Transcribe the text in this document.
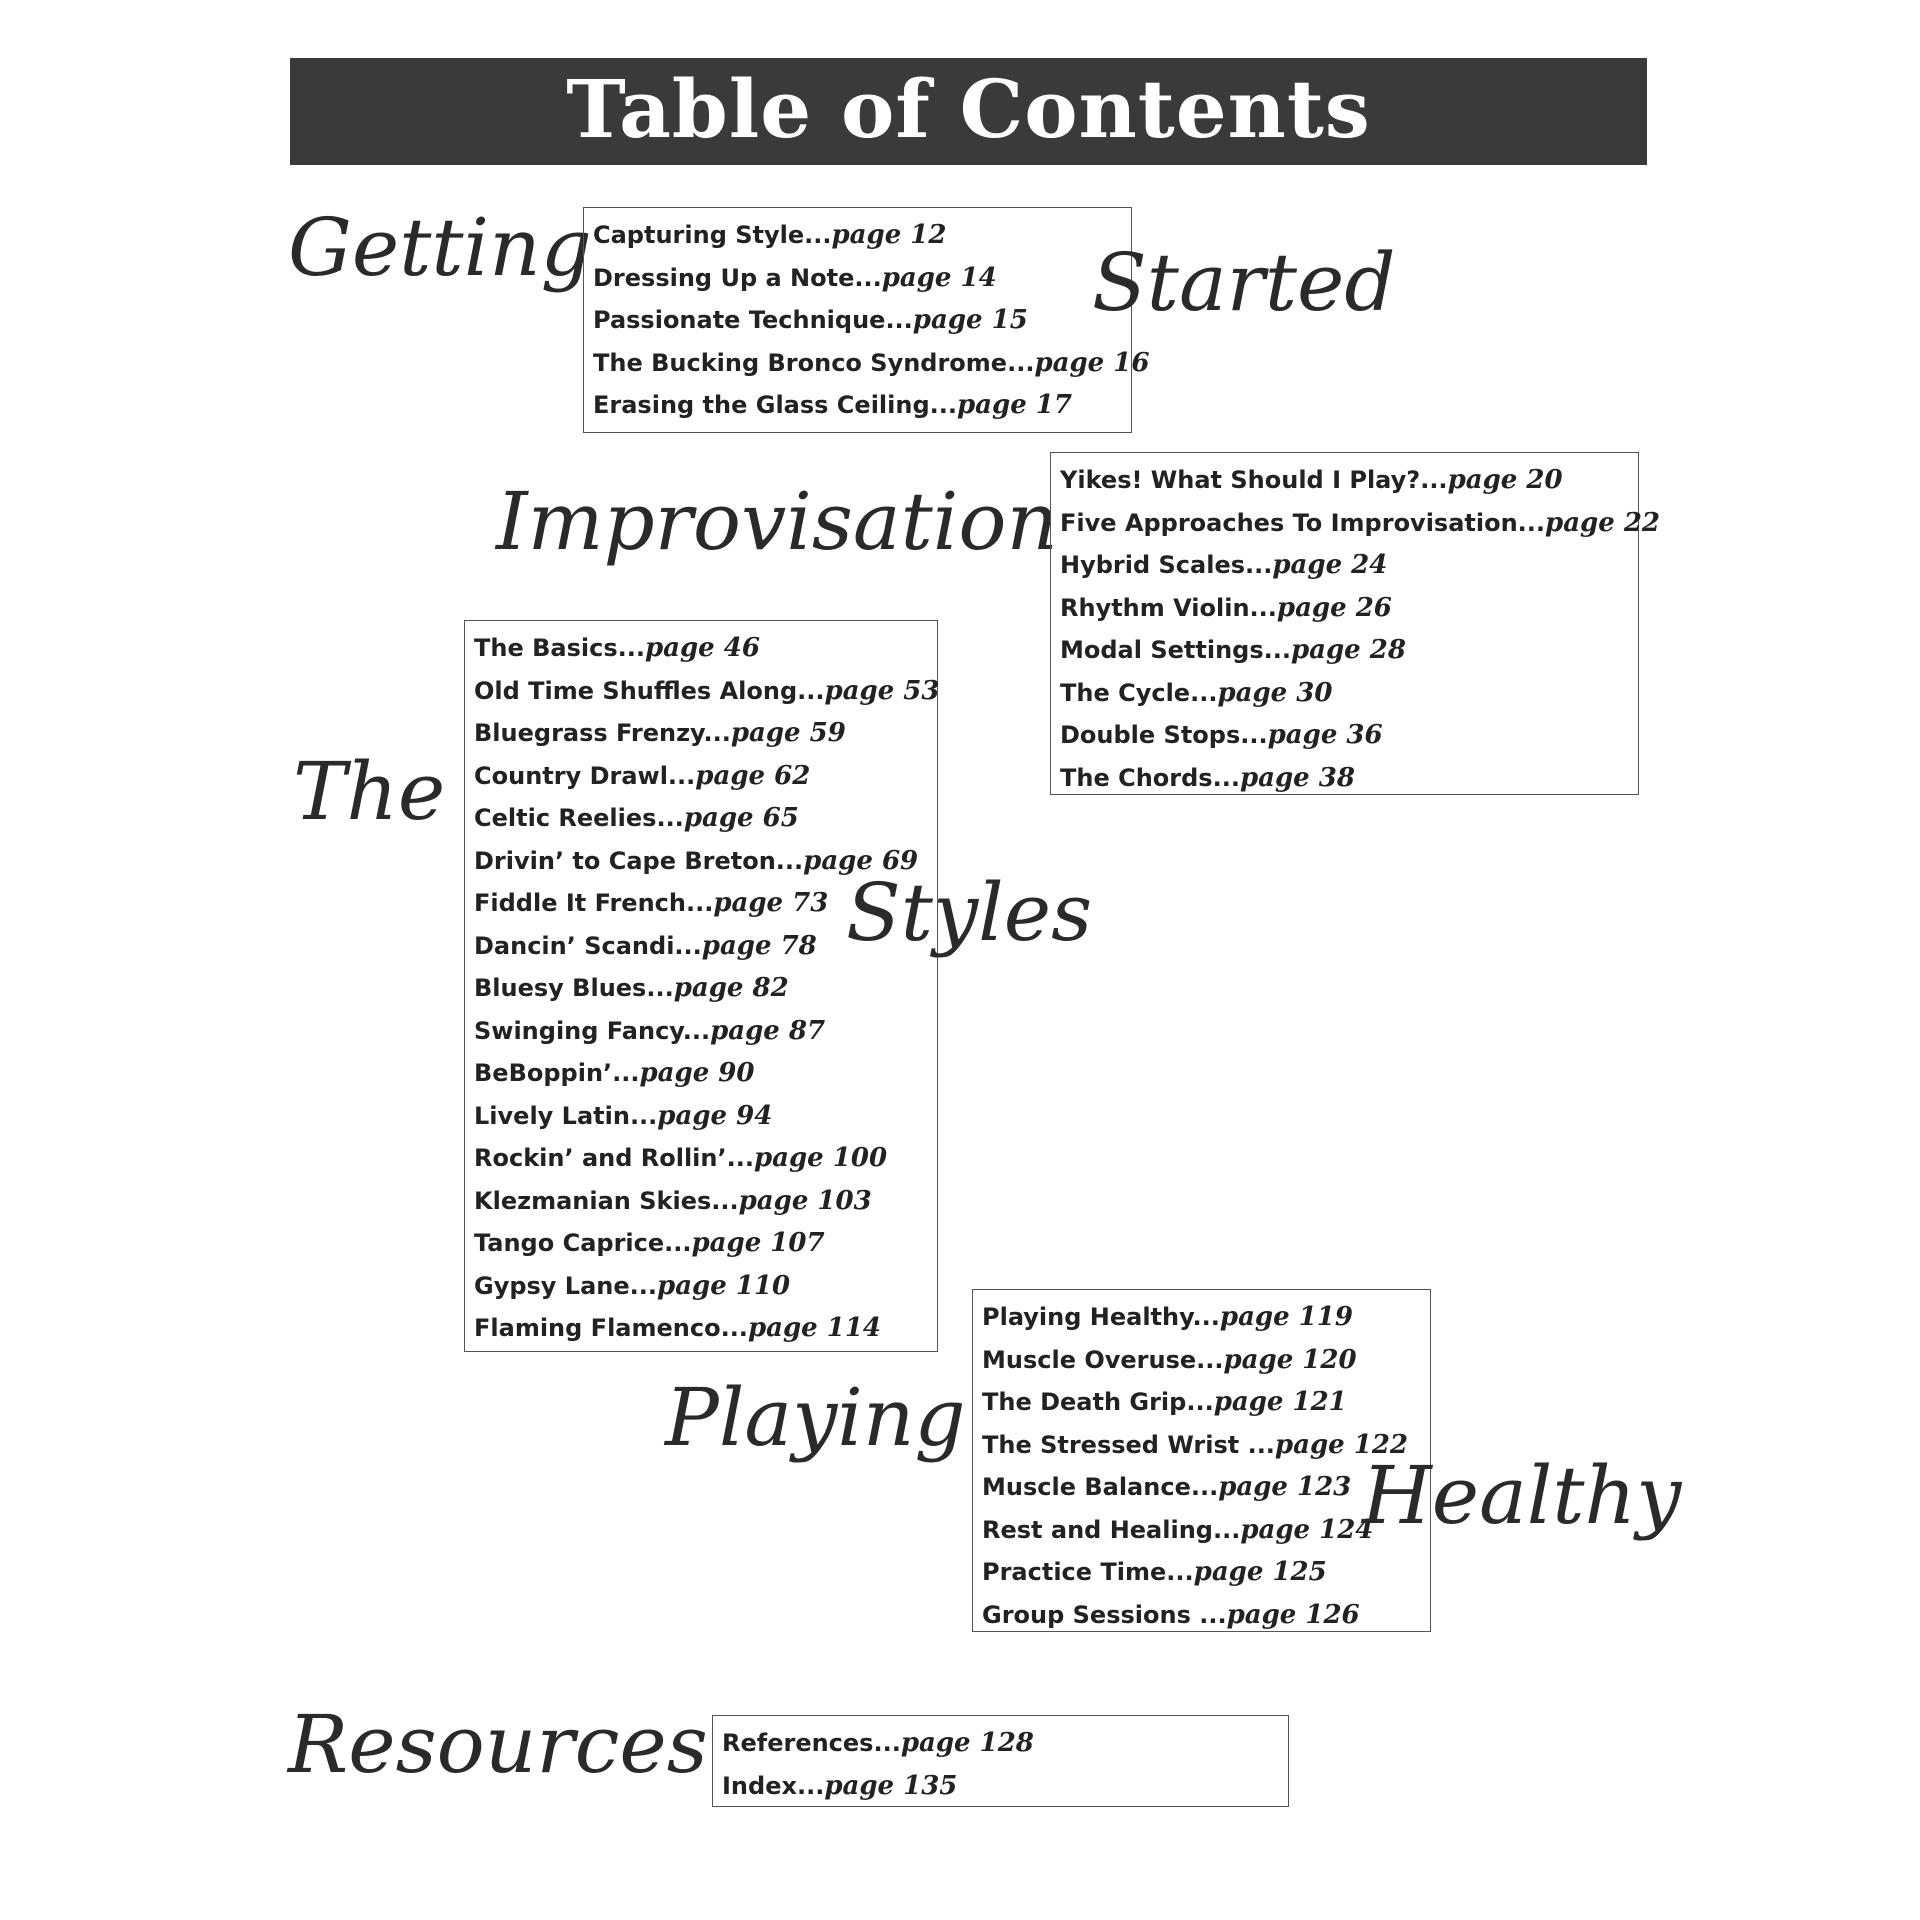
Table of Contents
Getting Capturing Style...page 12
Dressing Up a Note...page 14
Passionate Technique...page 15
The Bucking Bronco Syndrome...page 16
Erasing the Glass Ceiling...page 17
Started
Improvisation Yikes! What Should I Play?...page 20
Five Approaches To Improvisation...page 22
Hybrid Scales...page 24
Rhythm Violin...page 26
Modal Settings...page 28
The Cycle...page 30
Double Stops...page 36
The Chords...page 38
The Basics...page 46
Old Time Shuffles Along...page 53
Bluegrass Frenzy...page 59
Country Drawl...page 62
Celtic Reelies...page 65
Drivin’ to Cape Breton...page 69
Fiddle It French...page 73
Dancin’ Scandi...page 78
Bluesy Blues...page 82
Swinging Fancy...page 87
BeBoppin’...page 90
Lively Latin...page 94
Rockin’ and Rollin’...page 100
Klezmanian Skies...page 103
Tango Caprice...page 107
Gypsy Lane...page 110
Flaming Flamenco...page 114
The
Styles
Playing Healthy...page 119
Muscle Overuse...page 120
The Death Grip...page 121
The Stressed Wrist ...page 122
Muscle Balance...page 123
Rest and Healing...page 124
Practice Time...page 125
Group Sessions ...page 126
Playing
Healthy
Resources References...page 128
Index...page 135
